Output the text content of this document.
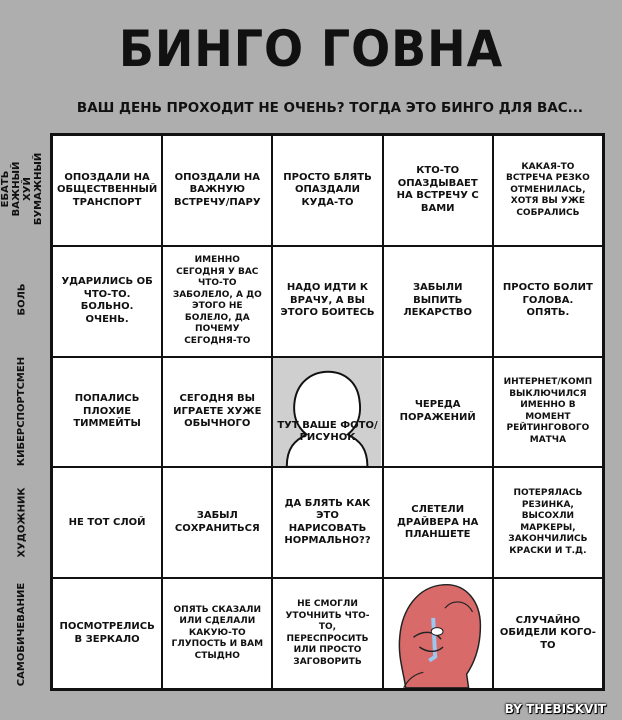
БИНГО ГОВНА
ВАШ ДЕНЬ ПРОХОДИТ НЕ ОЧЕНЬ? ТОГДА ЭТО БИНГО ДЛЯ ВАС...
ЕБАТЬ ВАЖНЫЙ ХУЙ БУМАЖНЫЙ
БОЛЬ
КИБЕРСПОРТСМЕН
ХУДОЖНИК
САМОБИЧЕВАНИЕ
ОПОЗДАЛИ НА ОБЩЕСТВЕННЫЙ ТРАНСПОРТ
ОПОЗДАЛИ НА ВАЖНУЮ ВСТРЕЧУ/ПАРУ
ПРОСТО БЛЯТЬ ОПАЗДАЛИ КУДА-ТО
КТО-ТО ОПАЗДЫВАЕТ НА ВСТРЕЧУ С ВАМИ
КАКАЯ-ТО ВСТРЕЧА РЕЗКО ОТМЕНИЛАСЬ, ХОТЯ ВЫ УЖЕ СОБРАЛИСЬ
УДАРИЛИСЬ ОБ ЧТО-ТО. БОЛЬНО. ОЧЕНЬ.
ИМЕННО СЕГОДНЯ У ВАС ЧТО-ТО ЗАБОЛЕЛО, А ДО ЭТОГО НЕ БОЛЕЛО, ДА ПОЧЕМУ СЕГОДНЯ-ТО
НАДО ИДТИ К ВРАЧУ, А ВЫ ЭТОГО БОИТЕСЬ
ЗАБЫЛИ ВЫПИТЬ ЛЕКАРСТВО
ПРОСТО БОЛИТ ГОЛОВА. ОПЯТЬ.
ПОПАЛИСЬ ПЛОХИЕ ТИММЕЙТЫ
СЕГОДНЯ ВЫ ИГРАЕТЕ ХУЖЕ ОБЫЧНОГО	ТУТ ВАШЕ ФОТО/РИСУНОК
ЧЕРЕДА ПОРАЖЕНИЙ
ИНТЕРНЕТ/КОМП ВЫКЛЮЧИЛСЯ ИМЕННО В МОМЕНТ РЕЙТИНГОВОГО МАТЧА
НЕ ТОТ СЛОЙ
ЗАБЫЛ СОХРАНИТЬСЯ
ДА БЛЯТЬ КАК ЭТО НАРИСОВАТЬ НОРМАЛЬНО??
СЛЕТЕЛИ ДРАЙВЕРА НА ПЛАНШЕТЕ
ПОТЕРЯЛАСЬ РЕЗИНКА, ВЫСОХЛИ МАРКЕРЫ, ЗАКОНЧИЛИСЬ КРАСКИ И Т.Д.
ПОСМОТРЕЛИСЬ В ЗЕРКАЛО
ОПЯТЬ СКАЗАЛИ ИЛИ СДЕЛАЛИ КАКУЮ-ТО ГЛУПОСТЬ И ВАМ СТЫДНО
НЕ СМОГЛИ УТОЧНИТЬ ЧТО-ТО, ПЕРЕСПРОСИТЬ ИЛИ ПРОСТО ЗАГОВОРИТЬ
СЛУЧАЙНО ОБИДЕЛИ КОГО-ТО
BY THEBISKVIT
